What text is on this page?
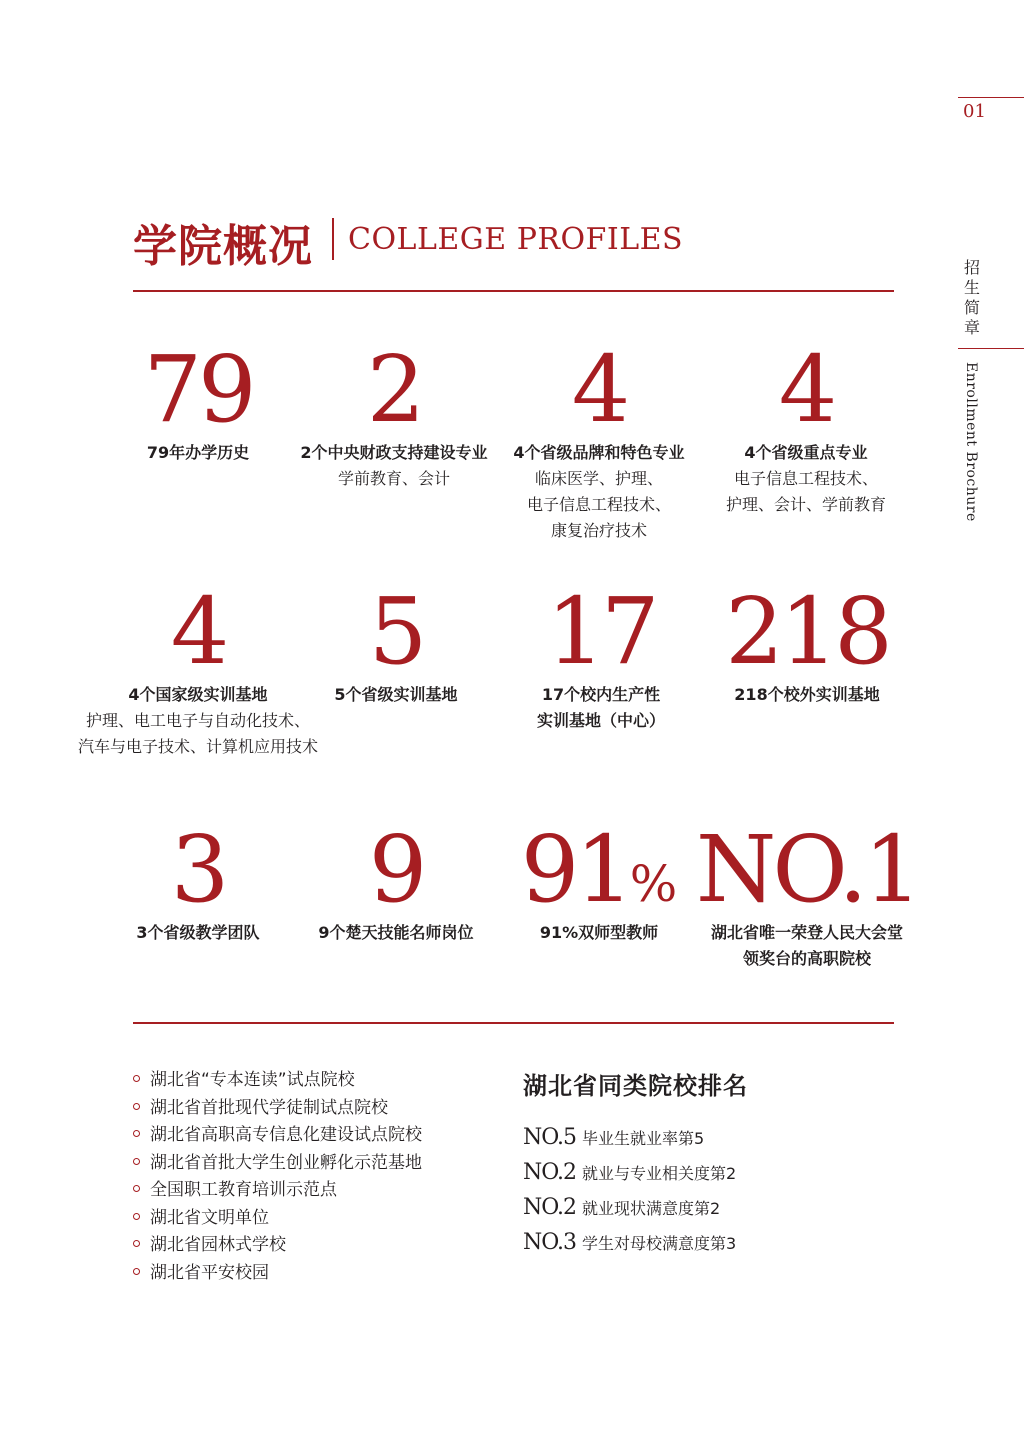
01
招
生
简
章
Enrollment Brochure
学院概况 COLLEGE PROFILES
79
79年办学历史
2
2个中央财政支持建设专业
学前教育、会计
4
4个省级品牌和特色专业
临床医学、护理、
电子信息工程技术、
康复治疗技术
4
4个省级重点专业
电子信息工程技术、
护理、会计、学前教育
4
4个国家级实训基地
护理、电工电子与自动化技术、
汽车与电子技术、计算机应用技术
5
5个省级实训基地
17
17个校内生产性
实训基地（中心）
218
218个校外实训基地
3
3个省级教学团队
9
9个楚天技能名师岗位
91%
91%双师型教师
NO.1
湖北省唯一荣登人民大会堂
领奖台的高职院校
湖北省“专本连读”试点院校
湖北省首批现代学徒制试点院校
湖北省高职高专信息化建设试点院校
湖北省首批大学生创业孵化示范基地
全国职工教育培训示范点
湖北省文明单位
湖北省园林式学校
湖北省平安校园
湖北省同类院校排名
NO.5 毕业生就业率第5
NO.2 就业与专业相关度第2
NO.2 就业现状满意度第2
NO.3 学生对母校满意度第3
